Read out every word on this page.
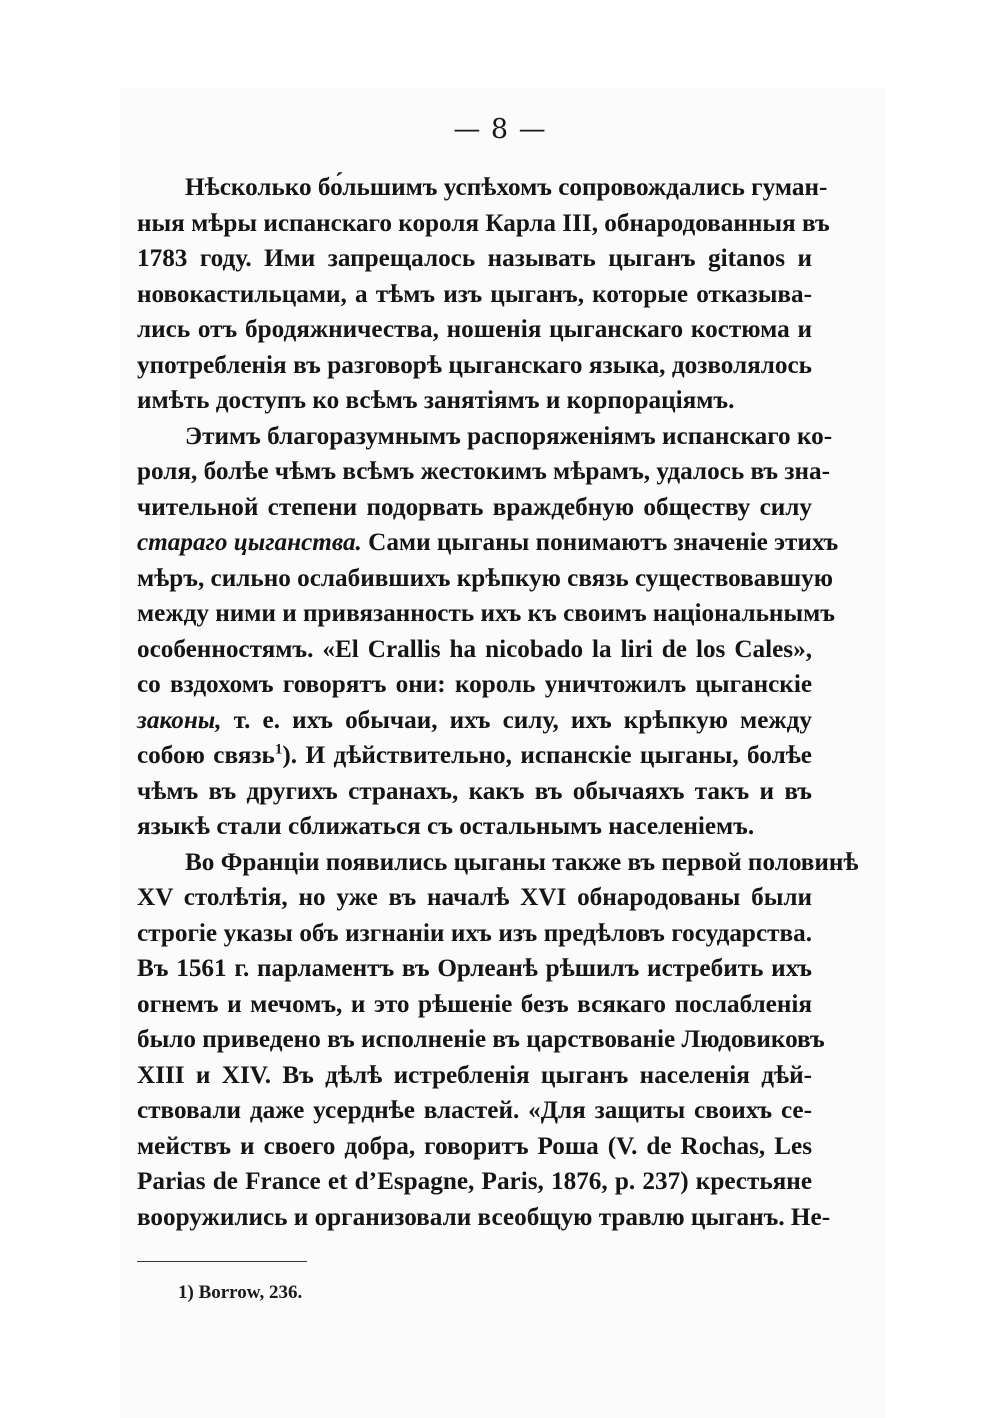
— 8 —
Нѣсколько бо́льшимъ успѣхомъ сопровождались гуман-
ныя мѣры испанскаго короля Карла III, обнародованныя въ
1783 году. Ими запрещалось называть цыганъ gitanos и
новокастильцами, а тѣмъ изъ цыганъ, которые отказыва-
лись отъ бродяжничества, ношенія цыганскаго костюма и
употребленія въ разговорѣ цыганскаго языка, дозволялось
имѣть доступъ ко всѣмъ занятіямъ и корпораціямъ.
Этимъ благоразумнымъ распоряженіямъ испанскаго ко-
роля, болѣе чѣмъ всѣмъ жестокимъ мѣрамъ, удалось въ зна-
чительной степени подорвать враждебную обществу силу
стараго цыганства. Сами цыганы понимаютъ значеніе этихъ
мѣръ, сильно ослабившихъ крѣпкую связь существовавшую
между ними и привязанность ихъ къ своимъ національнымъ
особенностямъ. «El Crallis ha nicobado la liri de los Cales»,
со вздохомъ говорятъ они: король уничтожилъ цыганскіе
законы, т. е. ихъ обычаи, ихъ силу, ихъ крѣпкую между
собою связь$^1$). И дѣйствительно, испанскіе цыганы, болѣе
чѣмъ въ другихъ странахъ, какъ въ обычаяхъ такъ и въ
языкѣ стали сближаться съ остальнымъ населеніемъ.
Во Франціи появились цыганы также въ первой половинѣ
XV столѣтія, но уже въ началѣ XVI обнародованы были
строгіе указы объ изгнаніи ихъ изъ предѣловъ государства.
Въ 1561 г. парламентъ въ Орлеанѣ рѣшилъ истребить ихъ
огнемъ и мечомъ, и это рѣшеніе безъ всякаго послабленія
было приведено въ исполненіе въ царствованіе Людовиковъ
XIII и XIV. Въ дѣлѣ истребленія цыганъ населенія дѣй-
ствовали даже усерднѣе властей. «Для защиты своихъ се-
мействъ и своего добра, говоритъ Роша (V. de Rochas, Les
Parias de France et d’Espagne, Paris, 1876, p. 237) крестьяне
вооружились и организовали всеобщую травлю цыганъ. Не-
1) Borrow, 236.
